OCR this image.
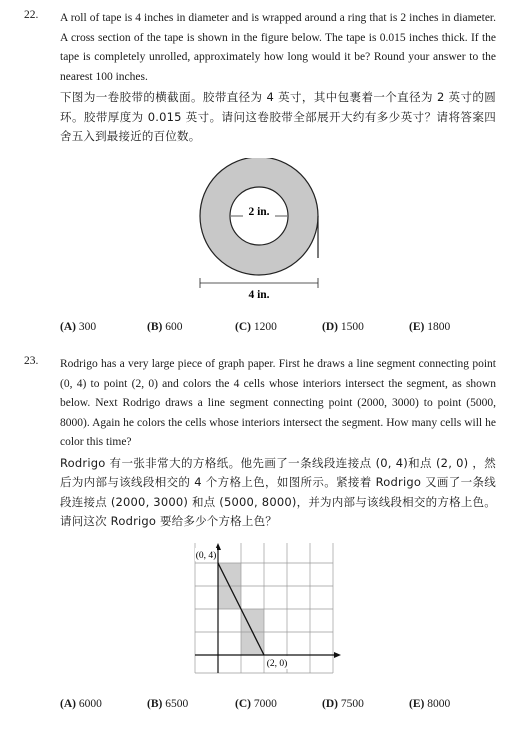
22. A roll of tape is 4 inches in diameter and is wrapped around a ring that is 2 inches in diameter. A cross section of the tape is shown in the figure below. The tape is 0.015 inches thick. If the tape is completely unrolled, approximately how long would it be? Round your answer to the nearest 100 inches.

下图为一卷胶带的横截面。胶带直径为 4 英寸，其中包裹着一个直径为 2 英寸的圆环。胶带厚度为 0.015 英寸。请问这卷胶带全部展开大约有多少英寸？请将答案四舍五入到最接近的百位数。

2 in.
4 in.
(A) 300	(B) 600	(C) 1200	(D) 1500	(E) 1800
23. Rodrigo has a very large piece of graph paper. First he draws a line segment connecting point (0, 4) to point (2, 0) and colors the 4 cells whose interiors intersect the segment, as shown below. Next Rodrigo draws a line segment connecting point (2000, 3000) to point (5000, 8000). Again he colors the cells whose interiors intersect the segment. How many cells will he color this time?

Rodrigo 有一张非常大的方格纸。他先画了一条线段连接点 (0, 4)和点 (2, 0) ，然后为内部与该线段相交的 4 个方格上色，如图所示。紧接着 Rodrigo 又画了一条线段连接点 (2000, 3000) 和点 (5000, 8000)，并为内部与该线段相交的方格上色。请问这次 Rodrigo 要给多少个方格上色？

(0, 4)
(2, 0)
(A) 6000	(B) 6500	(C) 7000	(D) 7500	(E) 8000
